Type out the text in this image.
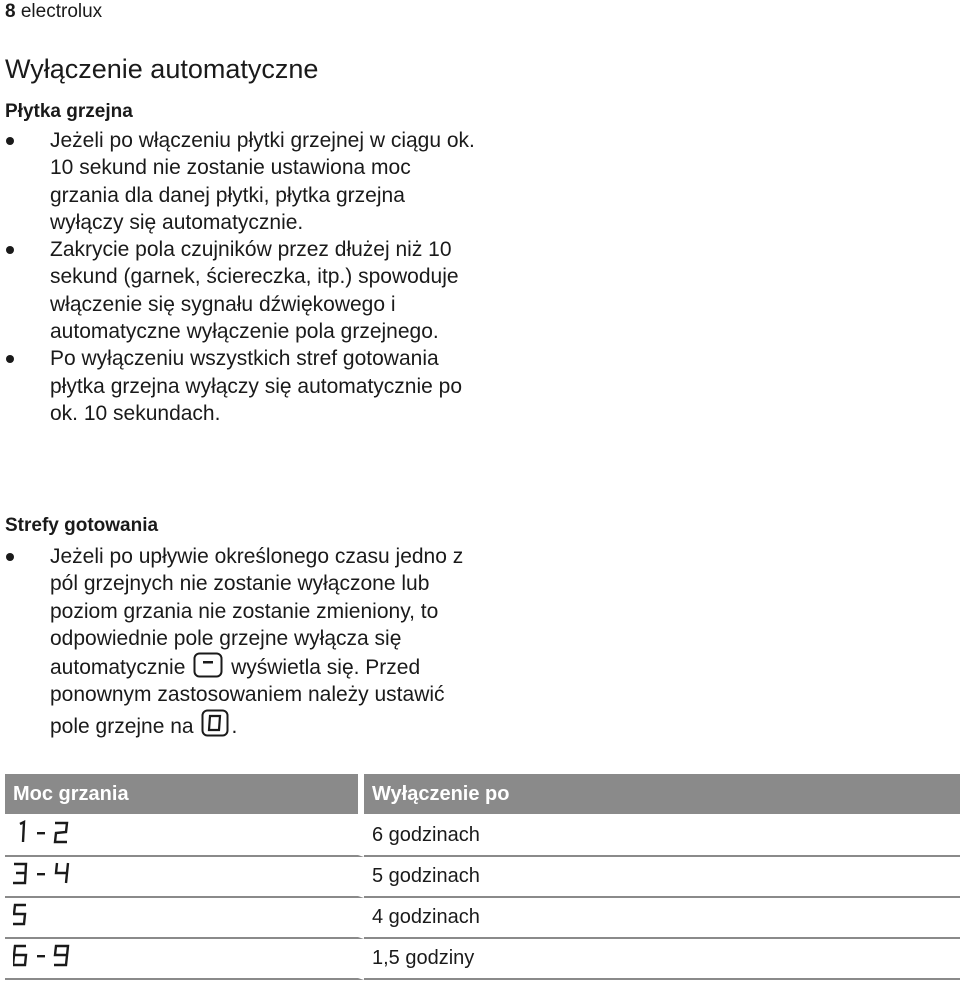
8 electrolux
Wyłączenie automatyczne
Płytka grzejna
Jeżeli po włączeniu płytki grzejnej w ciągu ok. 10 sekund nie zostanie ustawiona moc grzania dla danej płytki, płytka grzejna wyłączy się automatycznie.
Zakrycie pola czujników przez dłużej niż 10 sekund (garnek, ściereczka, itp.) spowoduje włączenie się sygnału dźwiękowego i automatyczne wyłączenie pola grzejnego.
Po wyłączeniu wszystkich stref gotowania płytka grzejna wyłączy się automatycznie po ok. 10 sekundach.
Strefy gotowania
Jeżeli po upływie określonego czasu jedno z pól grzejnych nie zostanie wyłączone lub poziom grzania nie zostanie zmieniony, to odpowiednie pole grzejne wyłącza się automatycznie wyświetla się. Przed ponownym zastosowaniem należy ustawić pole grzejne na .
Moc grzania	Wyłączenie po
	6 godzinach
	5 godzinach
	4 godzinach
	1,5 godziny
